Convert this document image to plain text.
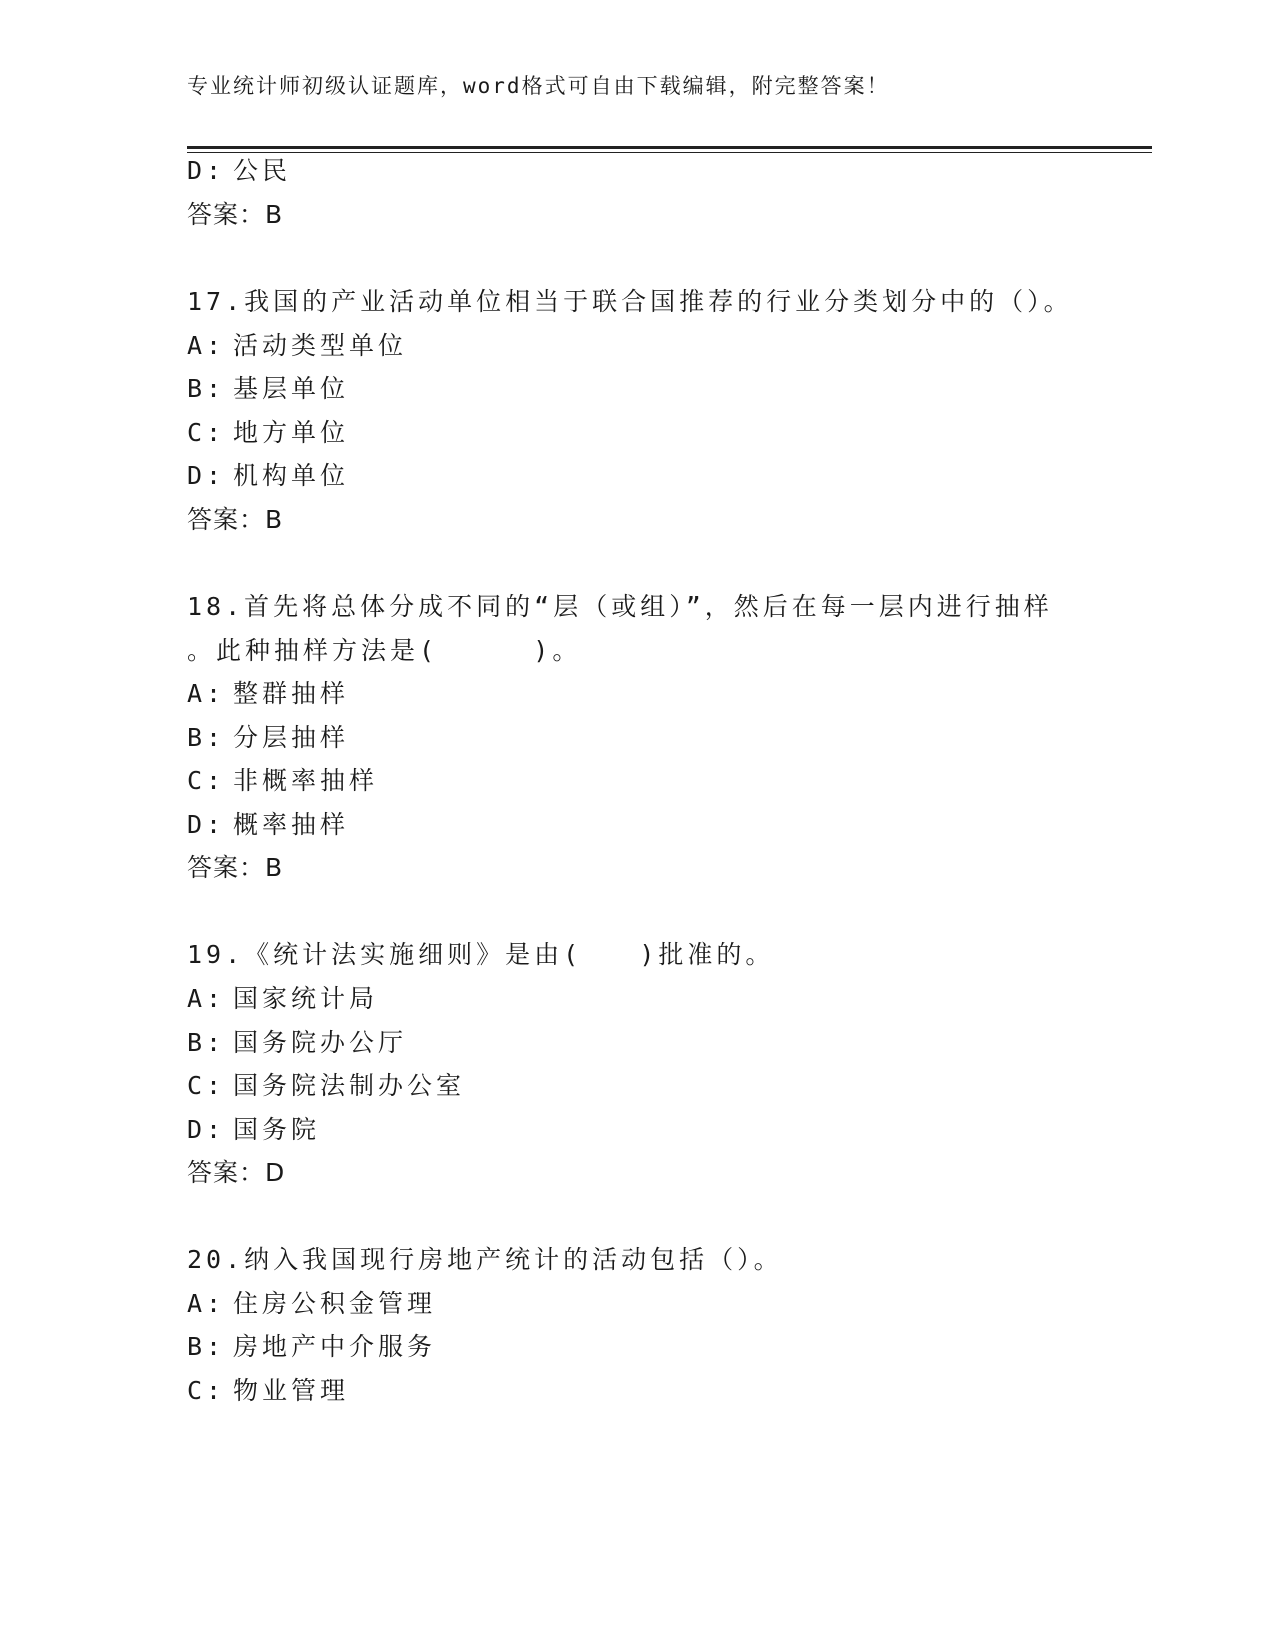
专业统计师初级认证题库，word格式可自由下载编辑，附完整答案！
D: 公民
答案：B
17.我国的产业活动单位相当于联合国推荐的行业分类划分中的（）。
A: 活动类型单位
B: 基层单位
C: 地方单位
D: 机构单位
答案：B
18.首先将总体分成不同的“层（或组）”，然后在每一层内进行抽样
。此种抽样方法是(     )。
A: 整群抽样
B: 分层抽样
C: 非概率抽样
D: 概率抽样
答案：B
19.《统计法实施细则》是由(   )批准的。
A: 国家统计局
B: 国务院办公厅
C: 国务院法制办公室
D: 国务院
答案：D
20.纳入我国现行房地产统计的活动包括（）。
A: 住房公积金管理
B: 房地产中介服务
C: 物业管理
